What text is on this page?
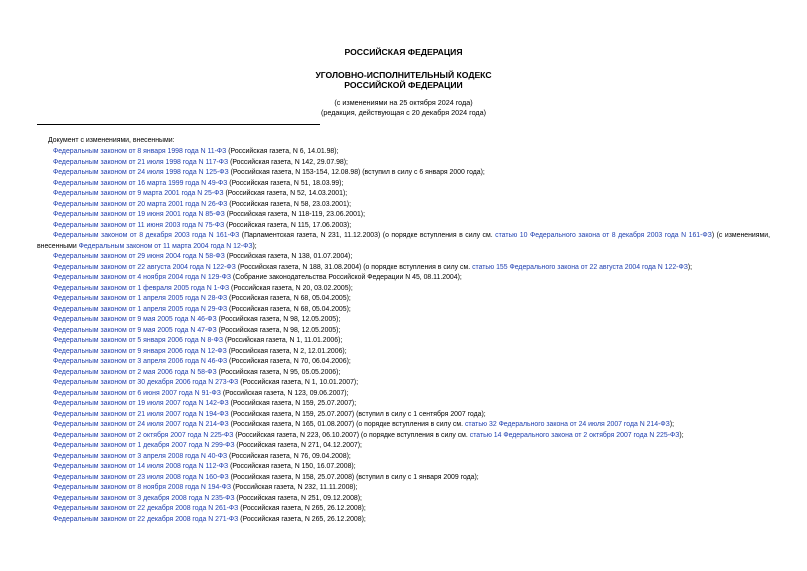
РОССИЙСКАЯ ФЕДЕРАЦИЯ
УГОЛОВНО-ИСПОЛНИТЕЛЬНЫЙ КОДЕКС
РОССИЙСКОЙ ФЕДЕРАЦИИ
(с изменениями на 25 октября 2024 года)
(редакция, действующая с 20 декабря 2024 года)
Документ с изменениями, внесенными:
Федеральным законом от 8 января 1998 года N 11-ФЗ (Российская газета, N 6, 14.01.98);
Федеральным законом от 21 июля 1998 года N 117-ФЗ (Российская газета, N 142, 29.07.98);
Федеральным законом от 24 июля 1998 года N 125-ФЗ (Российская газета, N 153-154, 12.08.98) (вступил в силу с 6 января 2000 года);
Федеральным законом от 16 марта 1999 года N 49-ФЗ (Российская газета, N 51, 18.03.99);
Федеральным законом от 9 марта 2001 года N 25-ФЗ (Российская газета, N 52, 14.03.2001);
Федеральным законом от 20 марта 2001 года N 26-ФЗ (Российская газета, N 58, 23.03.2001);
Федеральным законом от 19 июня 2001 года N 85-ФЗ (Российская газета, N 118-119, 23.06.2001);
Федеральным законом от 11 июня 2003 года N 75-ФЗ (Российская газета, N 115, 17.06.2003);
Федеральным законом от 8 декабря 2003 года N 161-ФЗ (Парламентская газета, N 231, 11.12.2003) (о порядке вступления в силу см. статью 10 Федерального закона от 8 декабря 2003 года N 161-ФЗ) (с изменениями, внесенными Федеральным законом от 11 марта 2004 года N 12-ФЗ);
Федеральным законом от 29 июня 2004 года N 58-ФЗ (Российская газета, N 138, 01.07.2004);
Федеральным законом от 22 августа 2004 года N 122-ФЗ (Российская газета, N 188, 31.08.2004) (о порядке вступления в силу см. статью 155 Федерального закона от 22 августа 2004 года N 122-ФЗ);
Федеральным законом от 4 ноября 2004 года N 129-ФЗ (Собрание законодательства Российской Федерации N 45, 08.11.2004);
Федеральным законом от 1 февраля 2005 года N 1-ФЗ (Российская газета, N 20, 03.02.2005);
Федеральным законом от 1 апреля 2005 года N 28-ФЗ (Российская газета, N 68, 05.04.2005);
Федеральным законом от 1 апреля 2005 года N 29-ФЗ (Российская газета, N 68, 05.04.2005);
Федеральным законом от 9 мая 2005 года N 46-ФЗ (Российская газета, N 98, 12.05.2005);
Федеральным законом от 9 мая 2005 года N 47-ФЗ (Российская газета, N 98, 12.05.2005);
Федеральным законом от 5 января 2006 года N 8-ФЗ (Российская газета, N 1, 11.01.2006);
Федеральным законом от 9 января 2006 года N 12-ФЗ (Российская газета, N 2, 12.01.2006);
Федеральным законом от 3 апреля 2006 года N 46-ФЗ (Российская газета, N 70, 06.04.2006);
Федеральным законом от 2 мая 2006 года N 58-ФЗ (Российская газета, N 95, 05.05.2006);
Федеральным законом от 30 декабря 2006 года N 273-ФЗ (Российская газета, N 1, 10.01.2007);
Федеральным законом от 6 июня 2007 года N 91-ФЗ (Российская газета, N 123, 09.06.2007);
Федеральным законом от 19 июля 2007 года N 142-ФЗ (Российская газета, N 159, 25.07.2007);
Федеральным законом от 21 июля 2007 года N 194-ФЗ (Российская газета, N 159, 25.07.2007) (вступил в силу с 1 сентября 2007 года);
Федеральным законом от 24 июля 2007 года N 214-ФЗ (Российская газета, N 165, 01.08.2007) (о порядке вступления в силу см. статью 32 Федерального закона от 24 июля 2007 года N 214-ФЗ);
Федеральным законом от 2 октября 2007 года N 225-ФЗ (Российская газета, N 223, 06.10.2007) (о порядке вступления в силу см. статью 14 Федерального закона от 2 октября 2007 года N 225-ФЗ);
Федеральным законом от 1 декабря 2007 года N 299-ФЗ (Российская газета, N 271, 04.12.2007);
Федеральным законом от 3 апреля 2008 года N 40-ФЗ (Российская газета, N 76, 09.04.2008);
Федеральным законом от 14 июля 2008 года N 112-ФЗ (Российская газета, N 150, 16.07.2008);
Федеральным законом от 23 июля 2008 года N 160-ФЗ (Российская газета, N 158, 25.07.2008) (вступил в силу с 1 января 2009 года);
Федеральным законом от 8 ноября 2008 года N 194-ФЗ (Российская газета, N 232, 11.11.2008);
Федеральным законом от 3 декабря 2008 года N 235-ФЗ (Российская газета, N 251, 09.12.2008);
Федеральным законом от 22 декабря 2008 года N 261-ФЗ (Российская газета, N 265, 26.12.2008);
Федеральным законом от 22 декабря 2008 года N 271-ФЗ (Российская газета, N 265, 26.12.2008);
